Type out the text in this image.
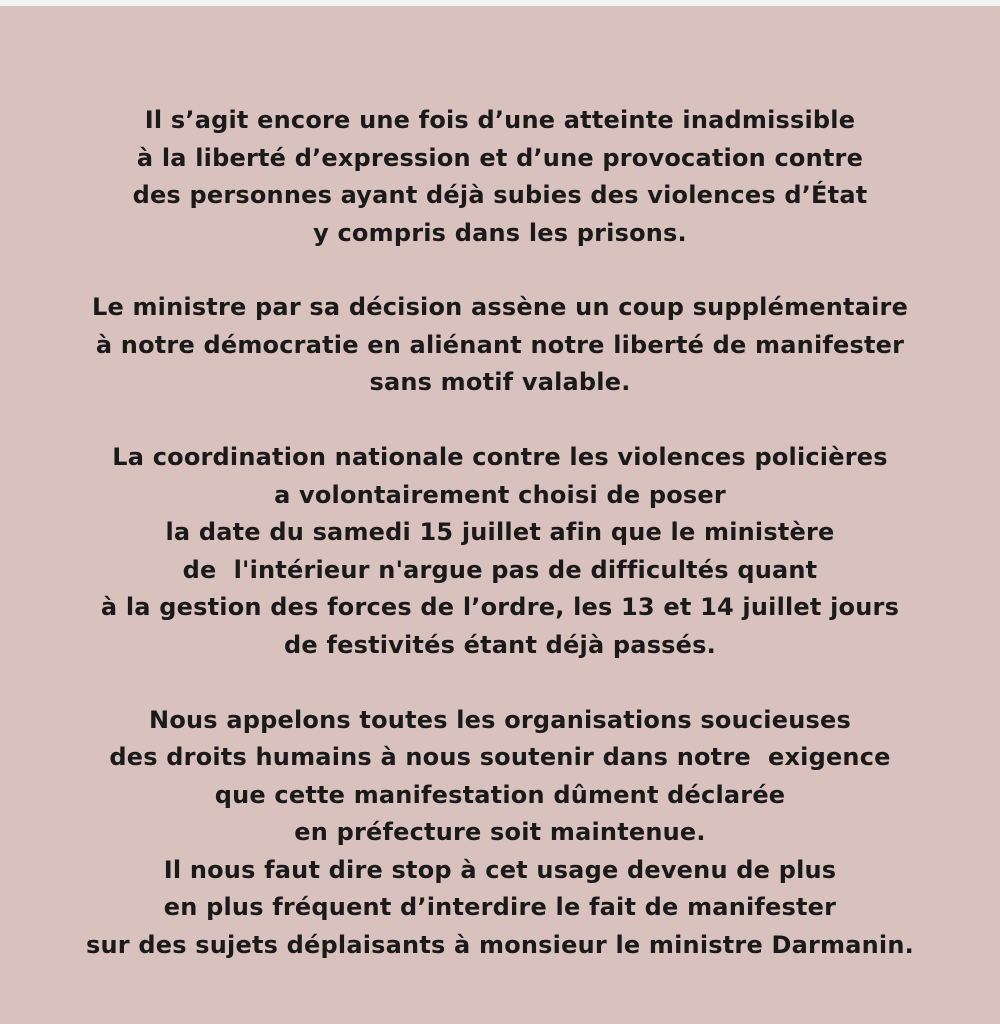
Il s’agit encore une fois d’une atteinte inadmissible
à la liberté d’expression et d’une provocation contre
des personnes ayant déjà subies des violences d’État
y compris dans les prisons.
Le ministre par sa décision assène un coup supplémentaire
à notre démocratie en aliénant notre liberté de manifester
sans motif valable.
La coordination nationale contre les violences policières
a volontairement choisi de poser
la date du samedi 15 juillet afin que le ministère
de  l'intérieur n'argue pas de difficultés quant
à la gestion des forces de l’ordre, les 13 et 14 juillet jours
de festivités étant déjà passés.
Nous appelons toutes les organisations soucieuses
des droits humains à nous soutenir dans notre  exigence
que cette manifestation dûment déclarée
en préfecture soit maintenue.
Il nous faut dire stop à cet usage devenu de plus
en plus fréquent d’interdire le fait de manifester
sur des sujets déplaisants à monsieur le ministre Darmanin.
